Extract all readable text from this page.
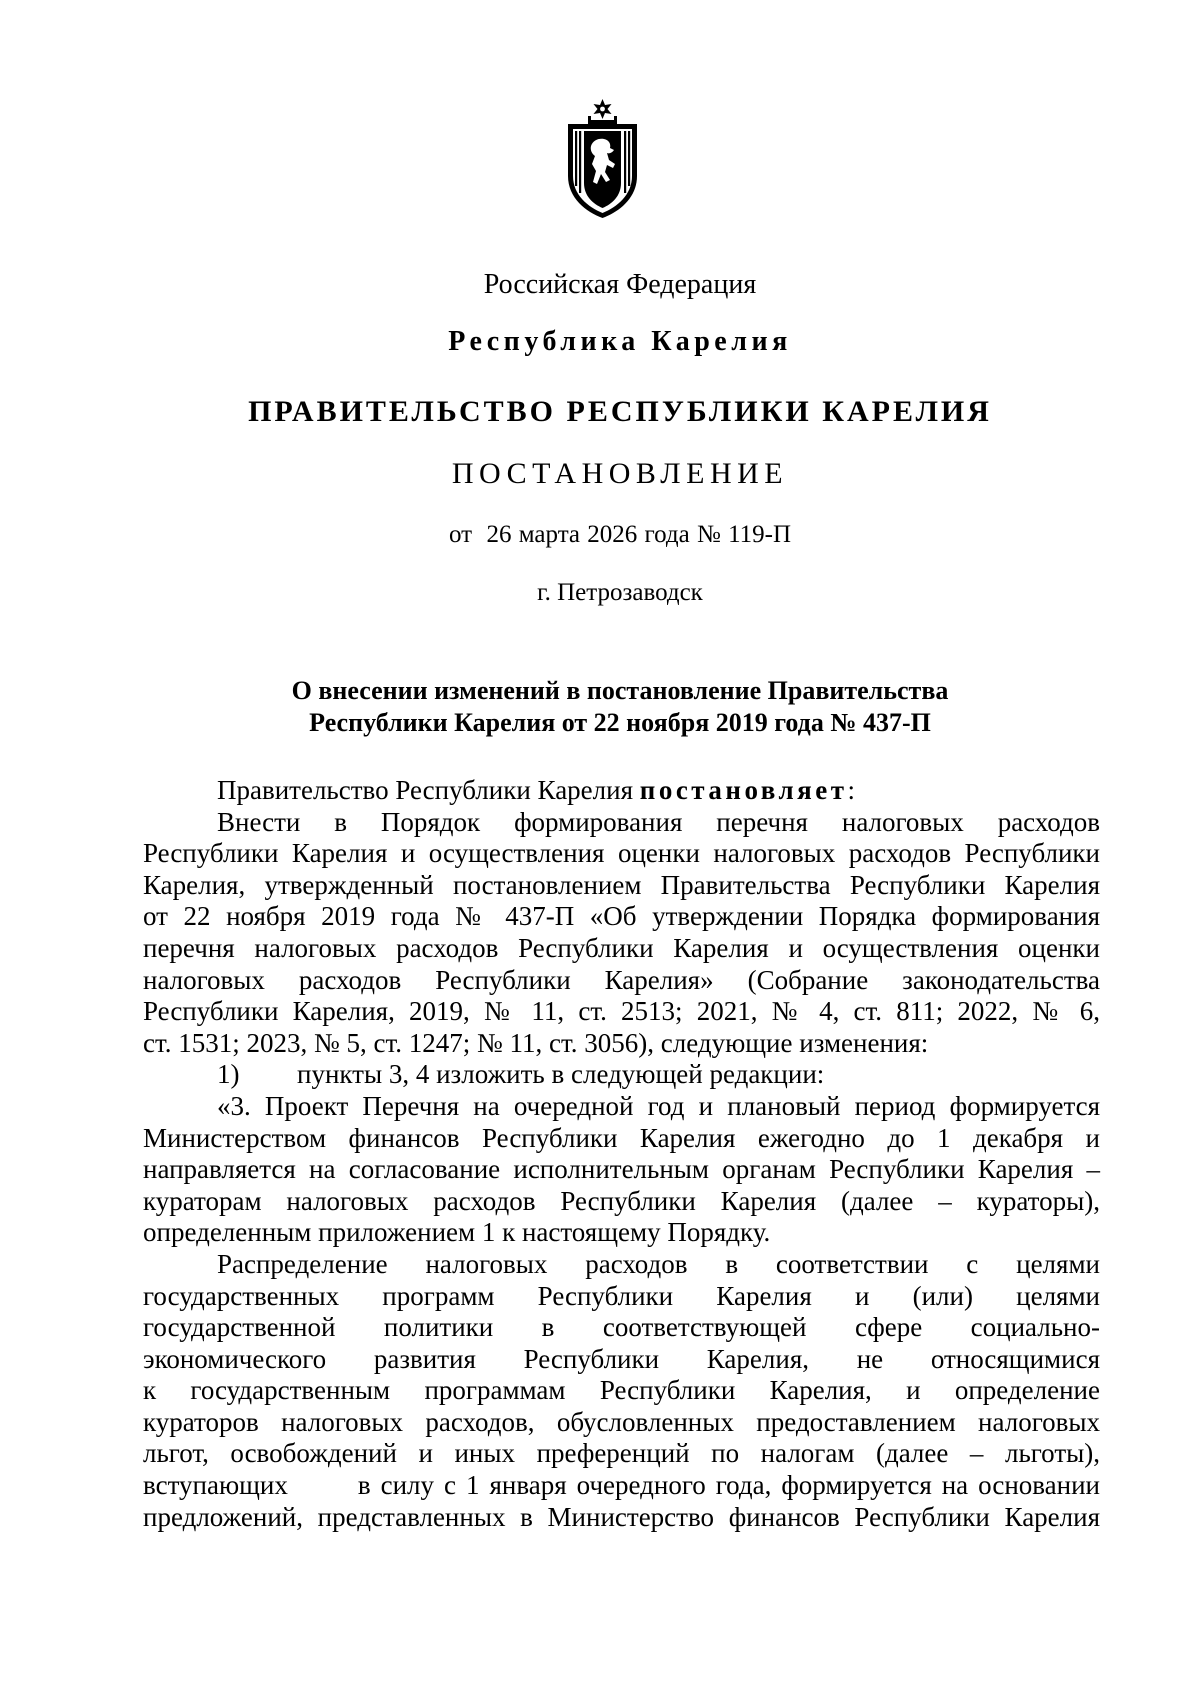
Российская Федерация
Республика Карелия
ПРАВИТЕЛЬСТВО РЕСПУБЛИКИ КАРЕЛИЯ
ПОСТАНОВЛЕНИЕ
от  26 марта 2026 года № 119-П
г. Петрозаводск
О внесении изменений в постановление Правительства
Республики Карелия от 22 ноября 2019 года № 437-П
Правительство Республики Карелия постановляет:
Внести в Порядок формирования перечня налоговых расходов
Республики Карелия и осуществления оценки налоговых расходов Республики
Карелия, утвержденный постановлением Правительства Республики Карелия
от 22 ноября 2019 года № 437-П «Об утверждении Порядка формирования
перечня налоговых расходов Республики Карелия и осуществления оценки
налоговых расходов Республики Карелия» (Собрание законодательства
Республики Карелия, 2019, № 11, ст. 2513; 2021, № 4, ст. 811; 2022, № 6,
ст. 1531; 2023, № 5, ст. 1247; № 11, ст. 3056), следующие изменения:
1) пункты 3, 4 изложить в следующей редакции:
«3. Проект Перечня на очередной год и плановый период формируется
Министерством финансов Республики Карелия ежегодно до 1 декабря и
направляется на согласование исполнительным органам Республики Карелия –
кураторам налоговых расходов Республики Карелия (далее – кураторы),
определенным приложением 1 к настоящему Порядку.
Распределение налоговых расходов в соответствии с целями
государственных программ Республики Карелия и (или) целями
государственной политики в соответствующей сфере социально-
экономического развития Республики Карелия, не относящимися
к государственным программам Республики Карелия, и определение
кураторов налоговых расходов, обусловленных предоставлением налоговых
льгот, освобождений и иных преференций по налогам (далее – льготы),
вступающих       в силу с 1 января очередного года, формируется на основании
предложений, представленных в Министерство финансов Республики Карелия
